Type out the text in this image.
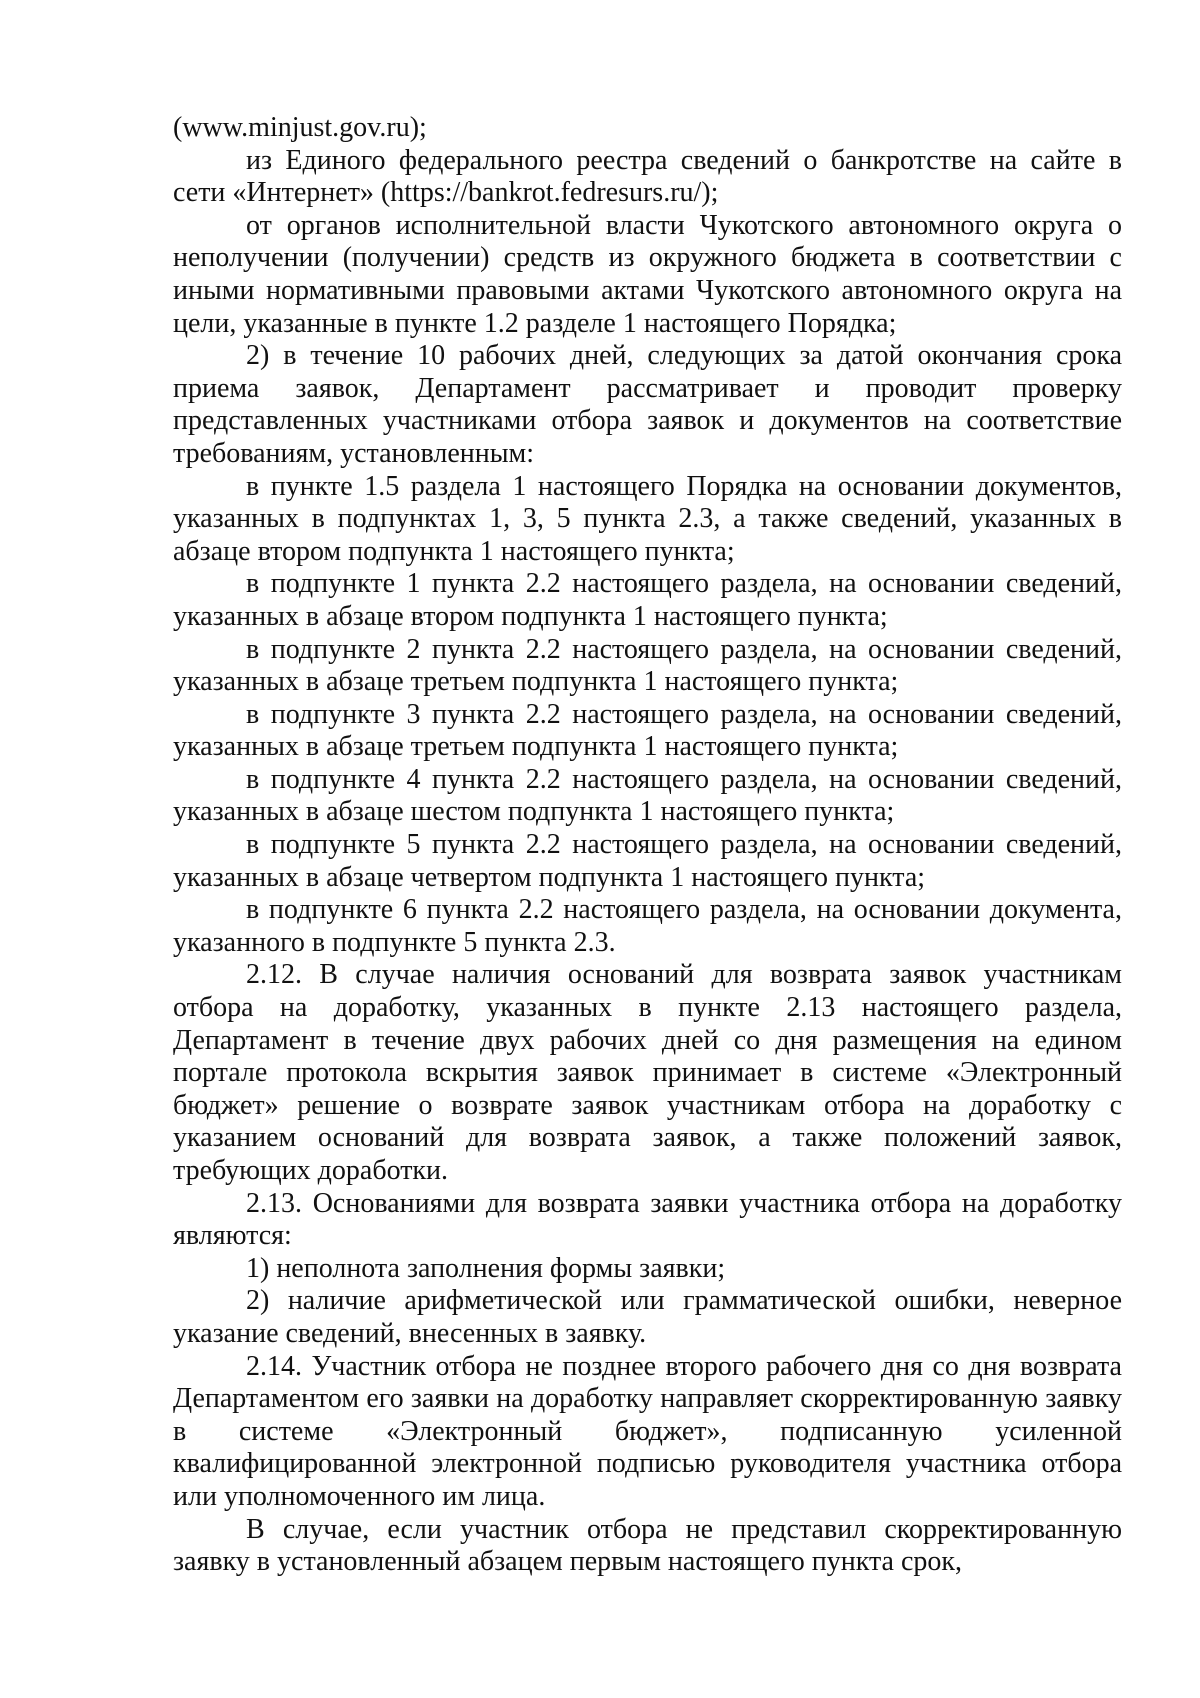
(www.minjust.gov.ru);

из Единого федерального реестра сведений о банкротстве на сайте в сети «Интернет» (https://bankrot.fedresurs.ru/);

от органов исполнительной власти Чукотского автономного округа о неполучении (получении) средств из окружного бюджета в соответствии с иными нормативными правовыми актами Чукотского автономного округа на цели, указанные в пункте 1.2 разделе 1 настоящего Порядка;

2) в течение 10 рабочих дней, следующих за датой окончания срока приема заявок, Департамент рассматривает и проводит проверку представленных участниками отбора заявок и документов на соответствие требованиям, установленным:

в пункте 1.5 раздела 1 настоящего Порядка на основании документов, указанных в подпунктах 1, 3, 5 пункта 2.3, а также сведений, указанных в абзаце втором подпункта 1 настоящего пункта;

в подпункте 1 пункта 2.2 настоящего раздела, на основании сведений, указанных в абзаце втором подпункта 1 настоящего пункта;

в подпункте 2 пункта 2.2 настоящего раздела, на основании сведений, указанных в абзаце третьем подпункта 1 настоящего пункта;

в подпункте 3 пункта 2.2 настоящего раздела, на основании сведений, указанных в абзаце третьем подпункта 1 настоящего пункта;

в подпункте 4 пункта 2.2 настоящего раздела, на основании сведений, указанных в абзаце шестом подпункта 1 настоящего пункта;

в подпункте 5 пункта 2.2 настоящего раздела, на основании сведений, указанных в абзаце четвертом подпункта 1 настоящего пункта;

в подпункте 6 пункта 2.2 настоящего раздела, на основании документа, указанного в подпункте 5 пункта 2.3.

2.12. В случае наличия оснований для возврата заявок участникам отбора на доработку, указанных в пункте 2.13 настоящего раздела, Департамент в течение двух рабочих дней со дня размещения на едином портале протокола вскрытия заявок принимает в системе «Электронный бюджет» решение о возврате заявок участникам отбора на доработку с указанием оснований для возврата заявок, а также положений заявок, требующих доработки.

2.13. Основаниями для возврата заявки участника отбора на доработку являются:

1) неполнота заполнения формы заявки;

2) наличие арифметической или грамматической ошибки, неверное указание сведений, внесенных в заявку.

2.14. Участник отбора не позднее второго рабочего дня со дня возврата Департаментом его заявки на доработку направляет скорректированную заявку в системе «Электронный бюджет», подписанную усиленной квалифицированной электронной подписью руководителя участника отбора или уполномоченного им лица.

В случае, если участник отбора не представил скорректированную заявку в установленный абзацем первым настоящего пункта срок,
